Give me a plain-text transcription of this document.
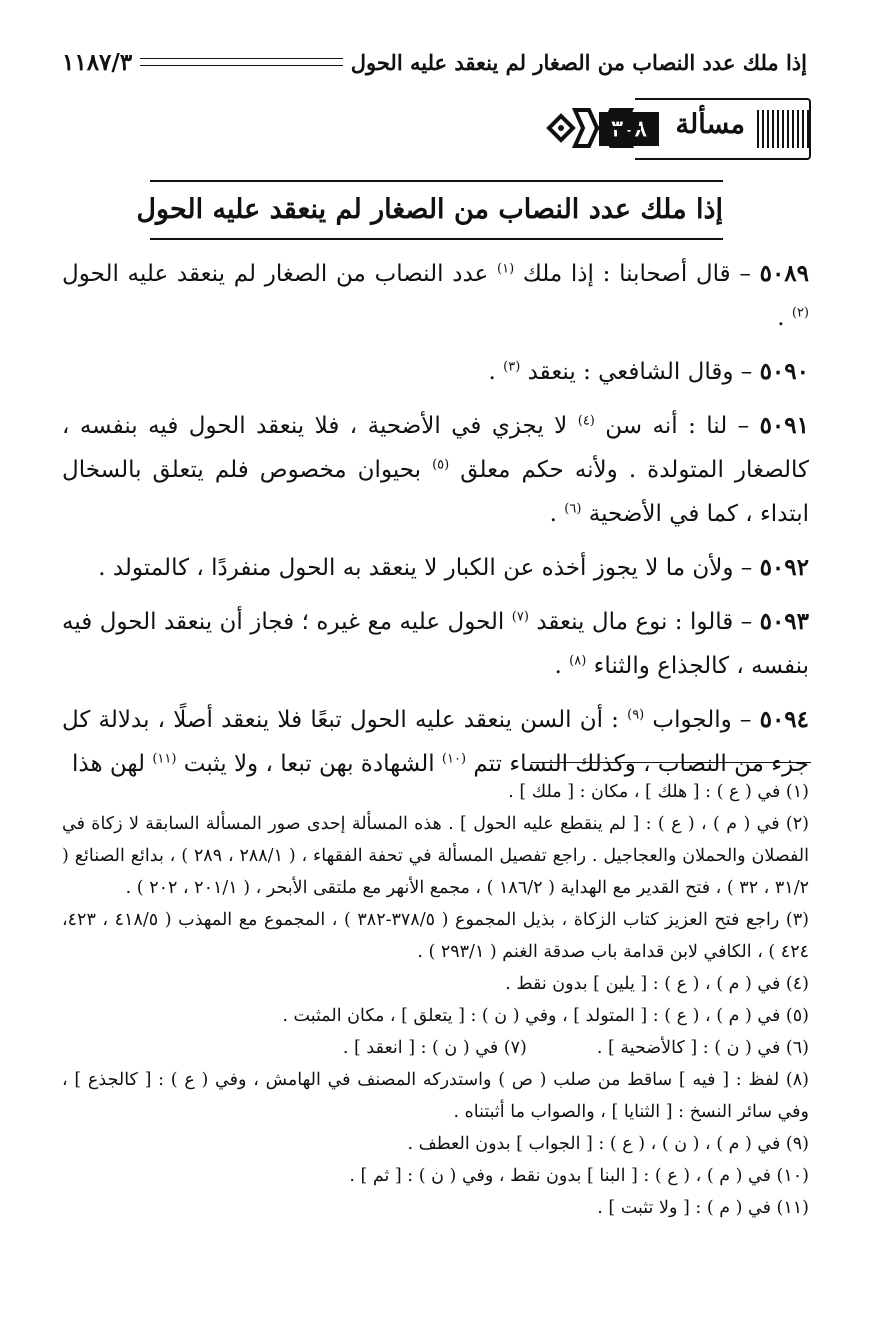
إذا ملك عدد النصاب من الصغار لم ينعقد عليه الحول
١١٨٧/٣
مسألة
٣٠٨
إذا ملك عدد النصاب من الصغار لم ينعقد عليه الحول

٥٠٨٩ – قال أصحابنا : إذا ملك $^{(١)}$ عدد النصاب من الصغار لم ينعقد عليه الحول $^{(٢)}$ .

٥٠٩٠ – وقال الشافعي : ينعقد $^{(٣)}$ .

٥٠٩١ – لنا : أنه سن $^{(٤)}$ لا يجزي في الأضحية ، فلا ينعقد الحول فيه بنفسه ، كالصغار المتولدة . ولأنه حكم معلق $^{(٥)}$ بحيوان مخصوص فلم يتعلق بالسخال ابتداء ، كما في الأضحية $^{(٦)}$ .

٥٠٩٢ – ولأن ما لا يجوز أخذه عن الكبار لا ينعقد به الحول منفردًا ، كالمتولد .

٥٠٩٣ – قالوا : نوع مال ينعقد $^{(٧)}$ الحول عليه مع غيره ؛ فجاز أن ينعقد الحول فيه بنفسه ، كالجذاع والثناء $^{(٨)}$ .

٥٠٩٤ – والجواب $^{(٩)}$ : أن السن ينعقد عليه الحول تبعًا فلا ينعقد أصلًا ، بدلالة كل جزء من النصاب ، وكذلك النساء تتم $^{(١٠)}$ الشهادة بهن تبعا ، ولا يثبت $^{(١١)}$ لهن هذا

(١) في ( ع ) : [ هلك ] ، مكان : [ ملك ] .

(٢) في ( م ) ، ( ع ) : [ لم ينقطع عليه الحول ] . هذه المسألة إحدى صور المسألة السابقة لا زكاة في الفصلان والحملان والعجاجيل . راجع تفصيل المسألة في تحفة الفقهاء ، ( ٢٨٨/١ ، ٢٨٩ ) ، بدائع الصنائع ( ٣١/٢ ، ٣٢ ) ، فتح القدير مع الهداية ( ١٨٦/٢ ) ، مجمع الأنهر مع ملتقى الأبحر ، ( ٢٠١/١ ، ٢٠٢ ) .

(٣) راجع فتح العزيز كتاب الزكاة ، بذيل المجموع ( ٣٧٨/٥-٣٨٢ ) ، المجموع مع المهذب ( ٤١٨/٥ ، ٤٢٣، ٤٢٤ ) ، الكافي لابن قدامة باب صدقة الغنم ( ٢٩٣/١ ) .

(٤) في ( م ) ، ( ع ) : [ يلين ] بدون نقط .

(٥) في ( م ) ، ( ع ) : [ المتولد ] ، وفي ( ن ) : [ يتعلق ] ، مكان المثبت .

(٦) في ( ن ) : [ كالأضحية ] .

(٧) في ( ن ) : [ انعقد ] .

(٨) لفظ : [ فيه ] ساقط من صلب ( ص ) واستدركه المصنف في الهامش ، وفي ( ع ) : [ كالجذع ] ، وفي سائر النسخ : [ الثنايا ] ، والصواب ما أثبتناه .

(٩) في ( م ) ، ( ن ) ، ( ع ) : [ الجواب ] بدون العطف .

(١٠) في ( م ) ، ( ع ) : [ البنا ] بدون نقط ، وفي ( ن ) : [ ثم ] .

(١١) في ( م ) : [ ولا تثبت ] .
